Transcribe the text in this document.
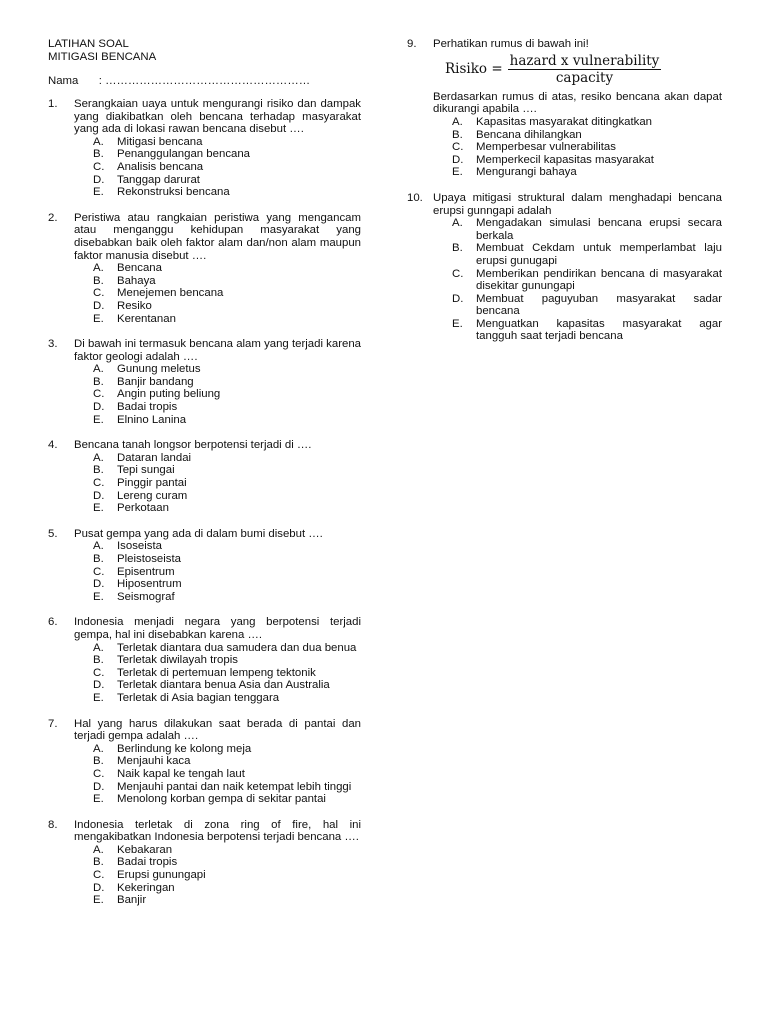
LATIHAN SOAL
MITIGASI BENCANA
Nama : ………………………………………………
1.	Serangkaian uaya untuk mengurangi risiko dan dampak yang diakibatkan oleh bencana terhadap masyarakat yang ada di lokasi rawan bencana disebut ….
A.	Mitigasi bencana
B.	Penanggulangan bencana
C.	Analisis bencana
D.	Tanggap darurat
E.	Rekonstruksi bencana
2.	Peristiwa atau rangkaian peristiwa yang mengancam atau menganggu kehidupan masyarakat yang disebabkan baik oleh faktor alam dan/non alam maupun faktor manusia disebut ….
A.	Bencana
B.	Bahaya
C.	Menejemen bencana
D.	Resiko
E.	Kerentanan
3.	Di bawah ini termasuk bencana alam yang terjadi karena faktor geologi adalah ….
A.	Gunung meletus
B.	Banjir bandang
C.	Angin puting beliung
D.	Badai tropis
E.	Elnino Lanina
4.	Bencana tanah longsor berpotensi terjadi di ….
A.	Dataran landai
B.	Tepi sungai
C.	Pinggir pantai
D.	Lereng curam
E.	Perkotaan
5.	Pusat gempa yang ada di dalam bumi disebut ….
A.	Isoseista
B.	Pleistoseista
C.	Episentrum
D.	Hiposentrum
E.	Seismograf
6.	Indonesia menjadi negara yang berpotensi terjadi gempa, hal ini disebabkan karena ….
A.	Terletak diantara dua samudera dan dua benua
B.	Terletak diwilayah tropis
C.	Terletak di pertemuan lempeng tektonik
D.	Terletak diantara benua Asia dan Australia
E.	Terletak di Asia bagian tenggara
7.	Hal yang harus dilakukan saat berada di pantai dan terjadi gempa adalah ….
A.	Berlindung ke kolong meja
B.	Menjauhi kaca
C.	Naik kapal ke tengah laut
D.	Menjauhi pantai dan naik ketempat lebih tinggi
E.	Menolong korban gempa di sekitar pantai
8.	Indonesia terletak di zona ring of fire, hal ini mengakibatkan Indonesia berpotensi terjadi bencana ….
A.	Kebakaran
B.	Badai tropis
C.	Erupsi gunungapi
D.	Kekeringan
E.	Banjir
9.	Perhatikan rumus di bawah ini!
Risiko = $\frac{\text{hazard x vulnerability}}{\text{capacity}}$
Berdasarkan rumus di atas, resiko bencana akan dapat dikurangi apabila ….
A.	Kapasitas masyarakat ditingkatkan
B.	Bencana dihilangkan
C.	Memperbesar vulnerabilitas
D.	Memperkecil kapasitas masyarakat
E.	Mengurangi bahaya
10. Upaya mitigasi struktural dalam menghadapi bencana erupsi gunngapi adalah
A.	Mengadakan simulasi bencana erupsi secara berkala
B.	Membuat Cekdam untuk memperlambat laju erupsi gunugapi
C.	Memberikan pendirikan bencana di masyarakat disekitar gunungapi
D.	Membuat paguyuban masyarakat sadar bencana
E.	Menguatkan kapasitas masyarakat agar tangguh saat terjadi bencana
